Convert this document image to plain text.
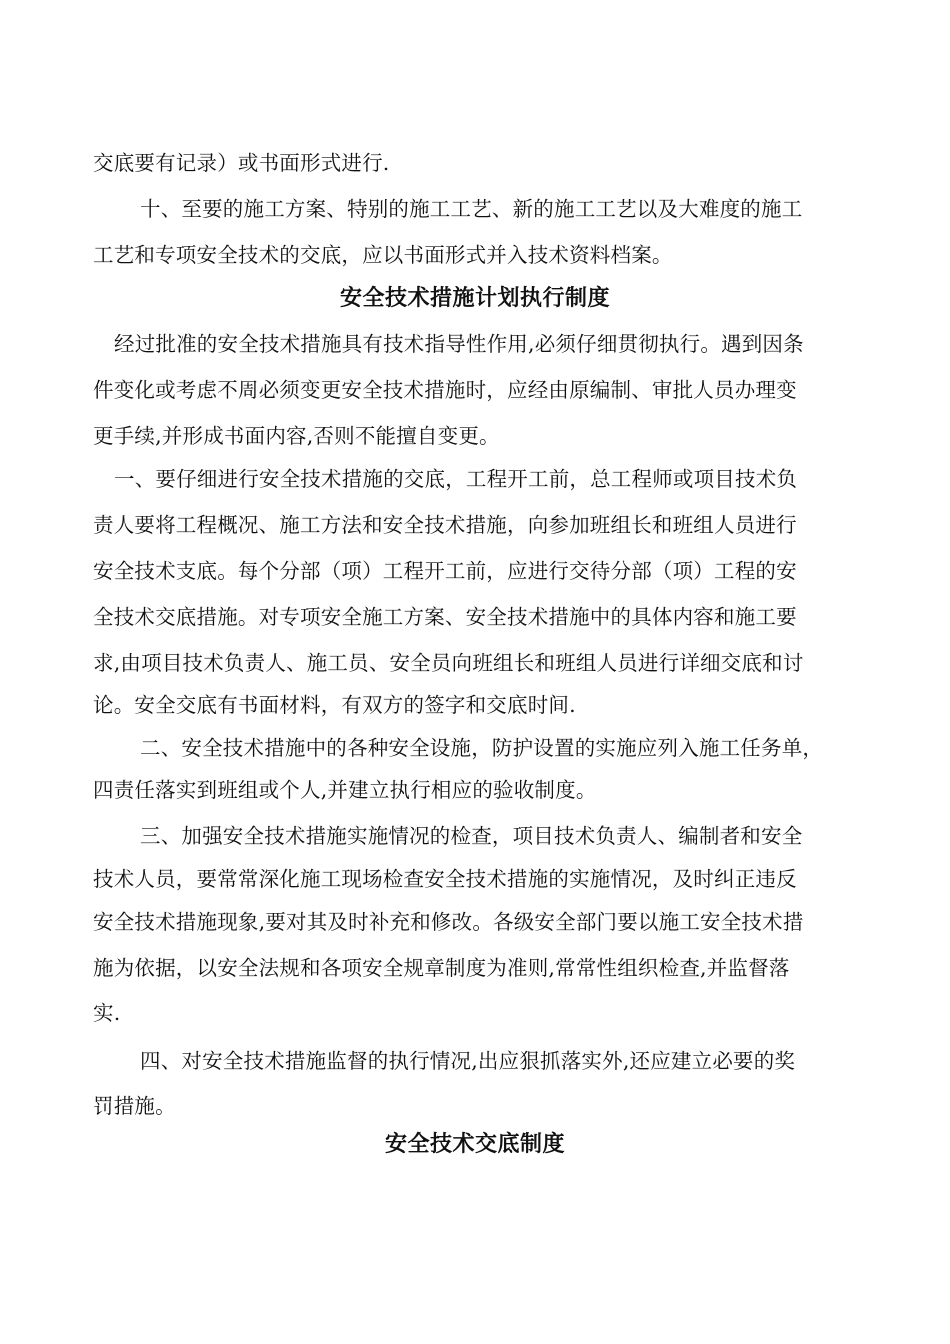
交底要有记录）或书面形式进行.
十、至要的施工方案、特别的施工工艺、新的施工工艺以及大难度的施工
工艺和专项安全技术的交底，应以书面形式并入技术资料档案。
安全技术措施计划执行制度
经过批准的安全技术措施具有技术指导性作用,必须仔细贯彻执行。遇到因条
件变化或考虑不周必须变更安全技术措施时，应经由原编制、审批人员办理变
更手续,并形成书面内容,否则不能擅自变更。
一、要仔细进行安全技术措施的交底，工程开工前，总工程师或项目技术负
责人要将工程概况、施工方法和安全技术措施，向参加班组长和班组人员进行
安全技术支底。每个分部（项）工程开工前，应进行交待分部（项）工程的安
全技术交底措施。对专项安全施工方案、安全技术措施中的具体内容和施工要
求,由项目技术负责人、施工员、安全员向班组长和班组人员进行详细交底和讨
论。安全交底有书面材料，有双方的签字和交底时间.
二、安全技术措施中的各种安全设施，防护设置的实施应列入施工任务单，
四责任落实到班组或个人,并建立执行相应的验收制度。
三、加强安全技术措施实施情况的检查，项目技术负责人、编制者和安全
技术人员，要常常深化施工现场检查安全技术措施的实施情况，及时纠正违反
安全技术措施现象,要对其及时补充和修改。各级安全部门要以施工安全技术措
施为依据，以安全法规和各项安全规章制度为准则,常常性组织检查,并监督落
实.
四、对安全技术措施监督的执行情况,出应狠抓落实外,还应建立必要的奖
罚措施。
安全技术交底制度
